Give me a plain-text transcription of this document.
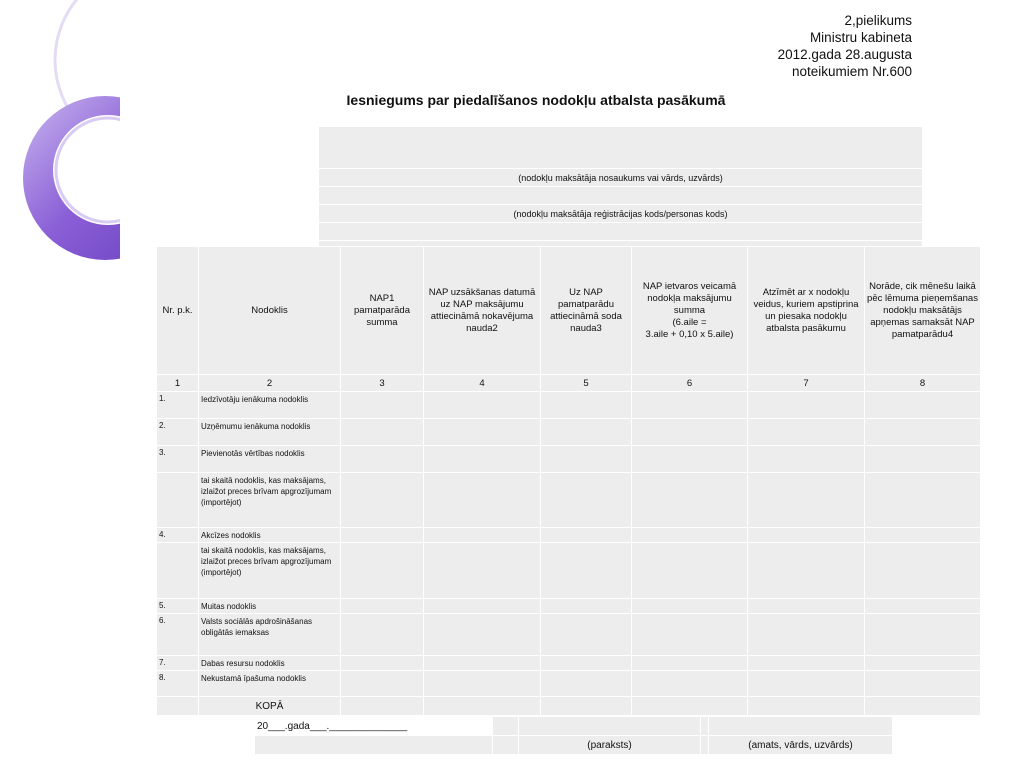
2,pielikums
Ministru kabineta
2012.gada 28.augusta
noteikumiem Nr.600
Iesniegums par piedalīšanos nodokļu atbalsta pasākumā

(nodokļu maksātāja nosaukums vai vārds, uzvārds)

(nodokļu maksātāja reģistrācijas kods/personas kods)

Nr. p.k.	Nodoklis	NAP1 pamatparāda summa	NAP uzsākšanas datumā uz NAP maksājumu attiecināmā nokavējuma nauda2	Uz NAP pamatparādu attiecināmā soda nauda3	NAP ietvaros veicamā nodokļa maksājumu summa
(6.aile =
3.aile + 0,10 x 5.aile)	Atzīmēt ar x nodokļu veidus, kuriem apstiprina un piesaka nodokļu atbalsta pasākumu	Norāde, cik mēnešu laikā pēc lēmuma pieņemšanas nodokļu maksātājs apņemas samaksāt NAP pamatparādu4
1	2	3	4	5	6	7	8
1.	Iedzīvotāju ienākuma nodoklis						
2.	Uzņēmumu ienākuma nodoklis						
3.	Pievienotās vērtības nodoklis						
	tai skaitā nodoklis, kas maksājams, izlaižot preces brīvam apgrozījumam (importējot)						
4.	Akcīzes nodoklis						
	tai skaitā nodoklis, kas maksājams, izlaižot preces brīvam apgrozījumam (importējot)						
5.	Muitas nodoklis						
6.	Valsts sociālās apdrošināšanas obligātās iemaksas						
7.	Dabas resursu nodoklis						
8.	Nekustamā īpašuma nodoklis						
	KOPĀ						
20___.gada___.______________				
		(paraksts)		(amats, vārds, uzvārds)
